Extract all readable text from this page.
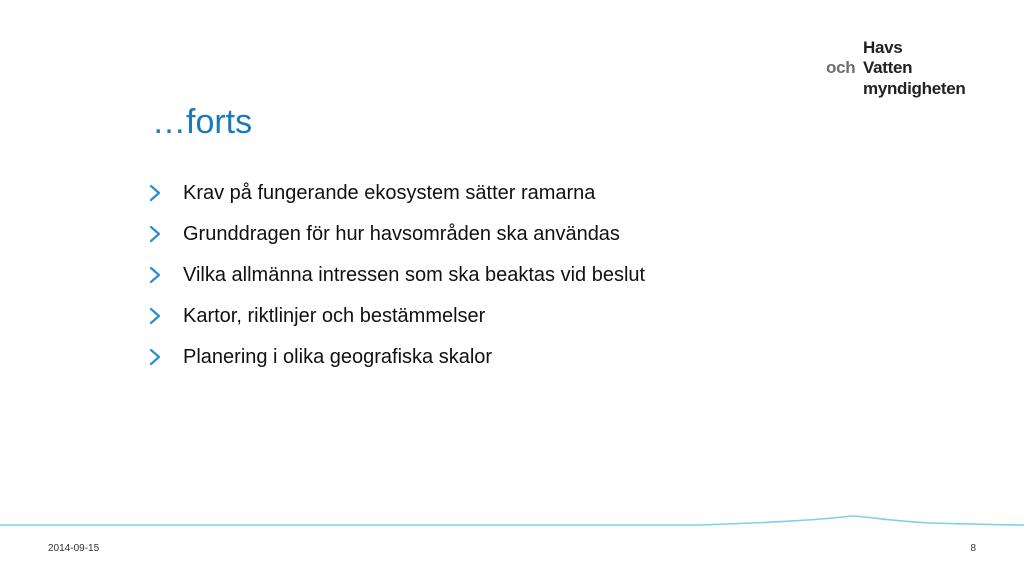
Havs
och Vatten
myndigheten
…forts
Krav på fungerande ekosystem sätter ramarna
Grunddragen för hur havsområden ska användas
Vilka allmänna intressen som ska beaktas vid beslut
Kartor, riktlinjer och bestämmelser
Planering i olika geografiska skalor
2014-09-15	8
